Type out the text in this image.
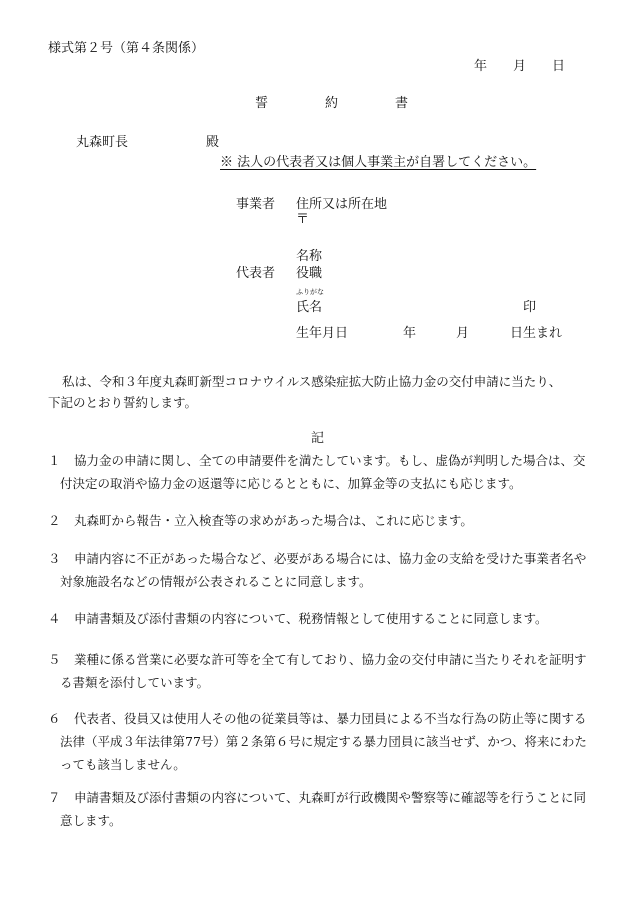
様式第２号（第４条関係）
年　　月　　日
誓　約　書
丸森町長	殿
※ 法人の代表者又は個人事業主が自署してください。
事業者 住所又は所在地
〒
名称
代表者 役職
ふりがな
氏名	印
生年月日	年	月	日生まれ
私は、令和３年度丸森町新型コロナウイルス感染症拡大防止協力金の交付申請に当たり、
下記のとおり誓約します。
記
１	協力金の申請に関し、全ての申請要件を満たしています。もし、虚偽が判明した場合は、交付決定の取消や協力金の返還等に応じるとともに、加算金等の支払にも応じます。
２	丸森町から報告・立入検査等の求めがあった場合は、これに応じます。
３	申請内容に不正があった場合など、必要がある場合には、協力金の支給を受けた事業者名や対象施設名などの情報が公表されることに同意します。
４	申請書類及び添付書類の内容について、税務情報として使用することに同意します。
５	業種に係る営業に必要な許可等を全て有しており、協力金の交付申請に当たりそれを証明する書類を添付しています。
６	代表者、役員又は使用人その他の従業員等は、暴力団員による不当な行為の防止等に関する法律（平成３年法律第77号）第２条第６号に規定する暴力団員に該当せず、かつ、将来にわたっても該当しません。
７	申請書類及び添付書類の内容について、丸森町が行政機関や警察等に確認等を行うことに同意します。
